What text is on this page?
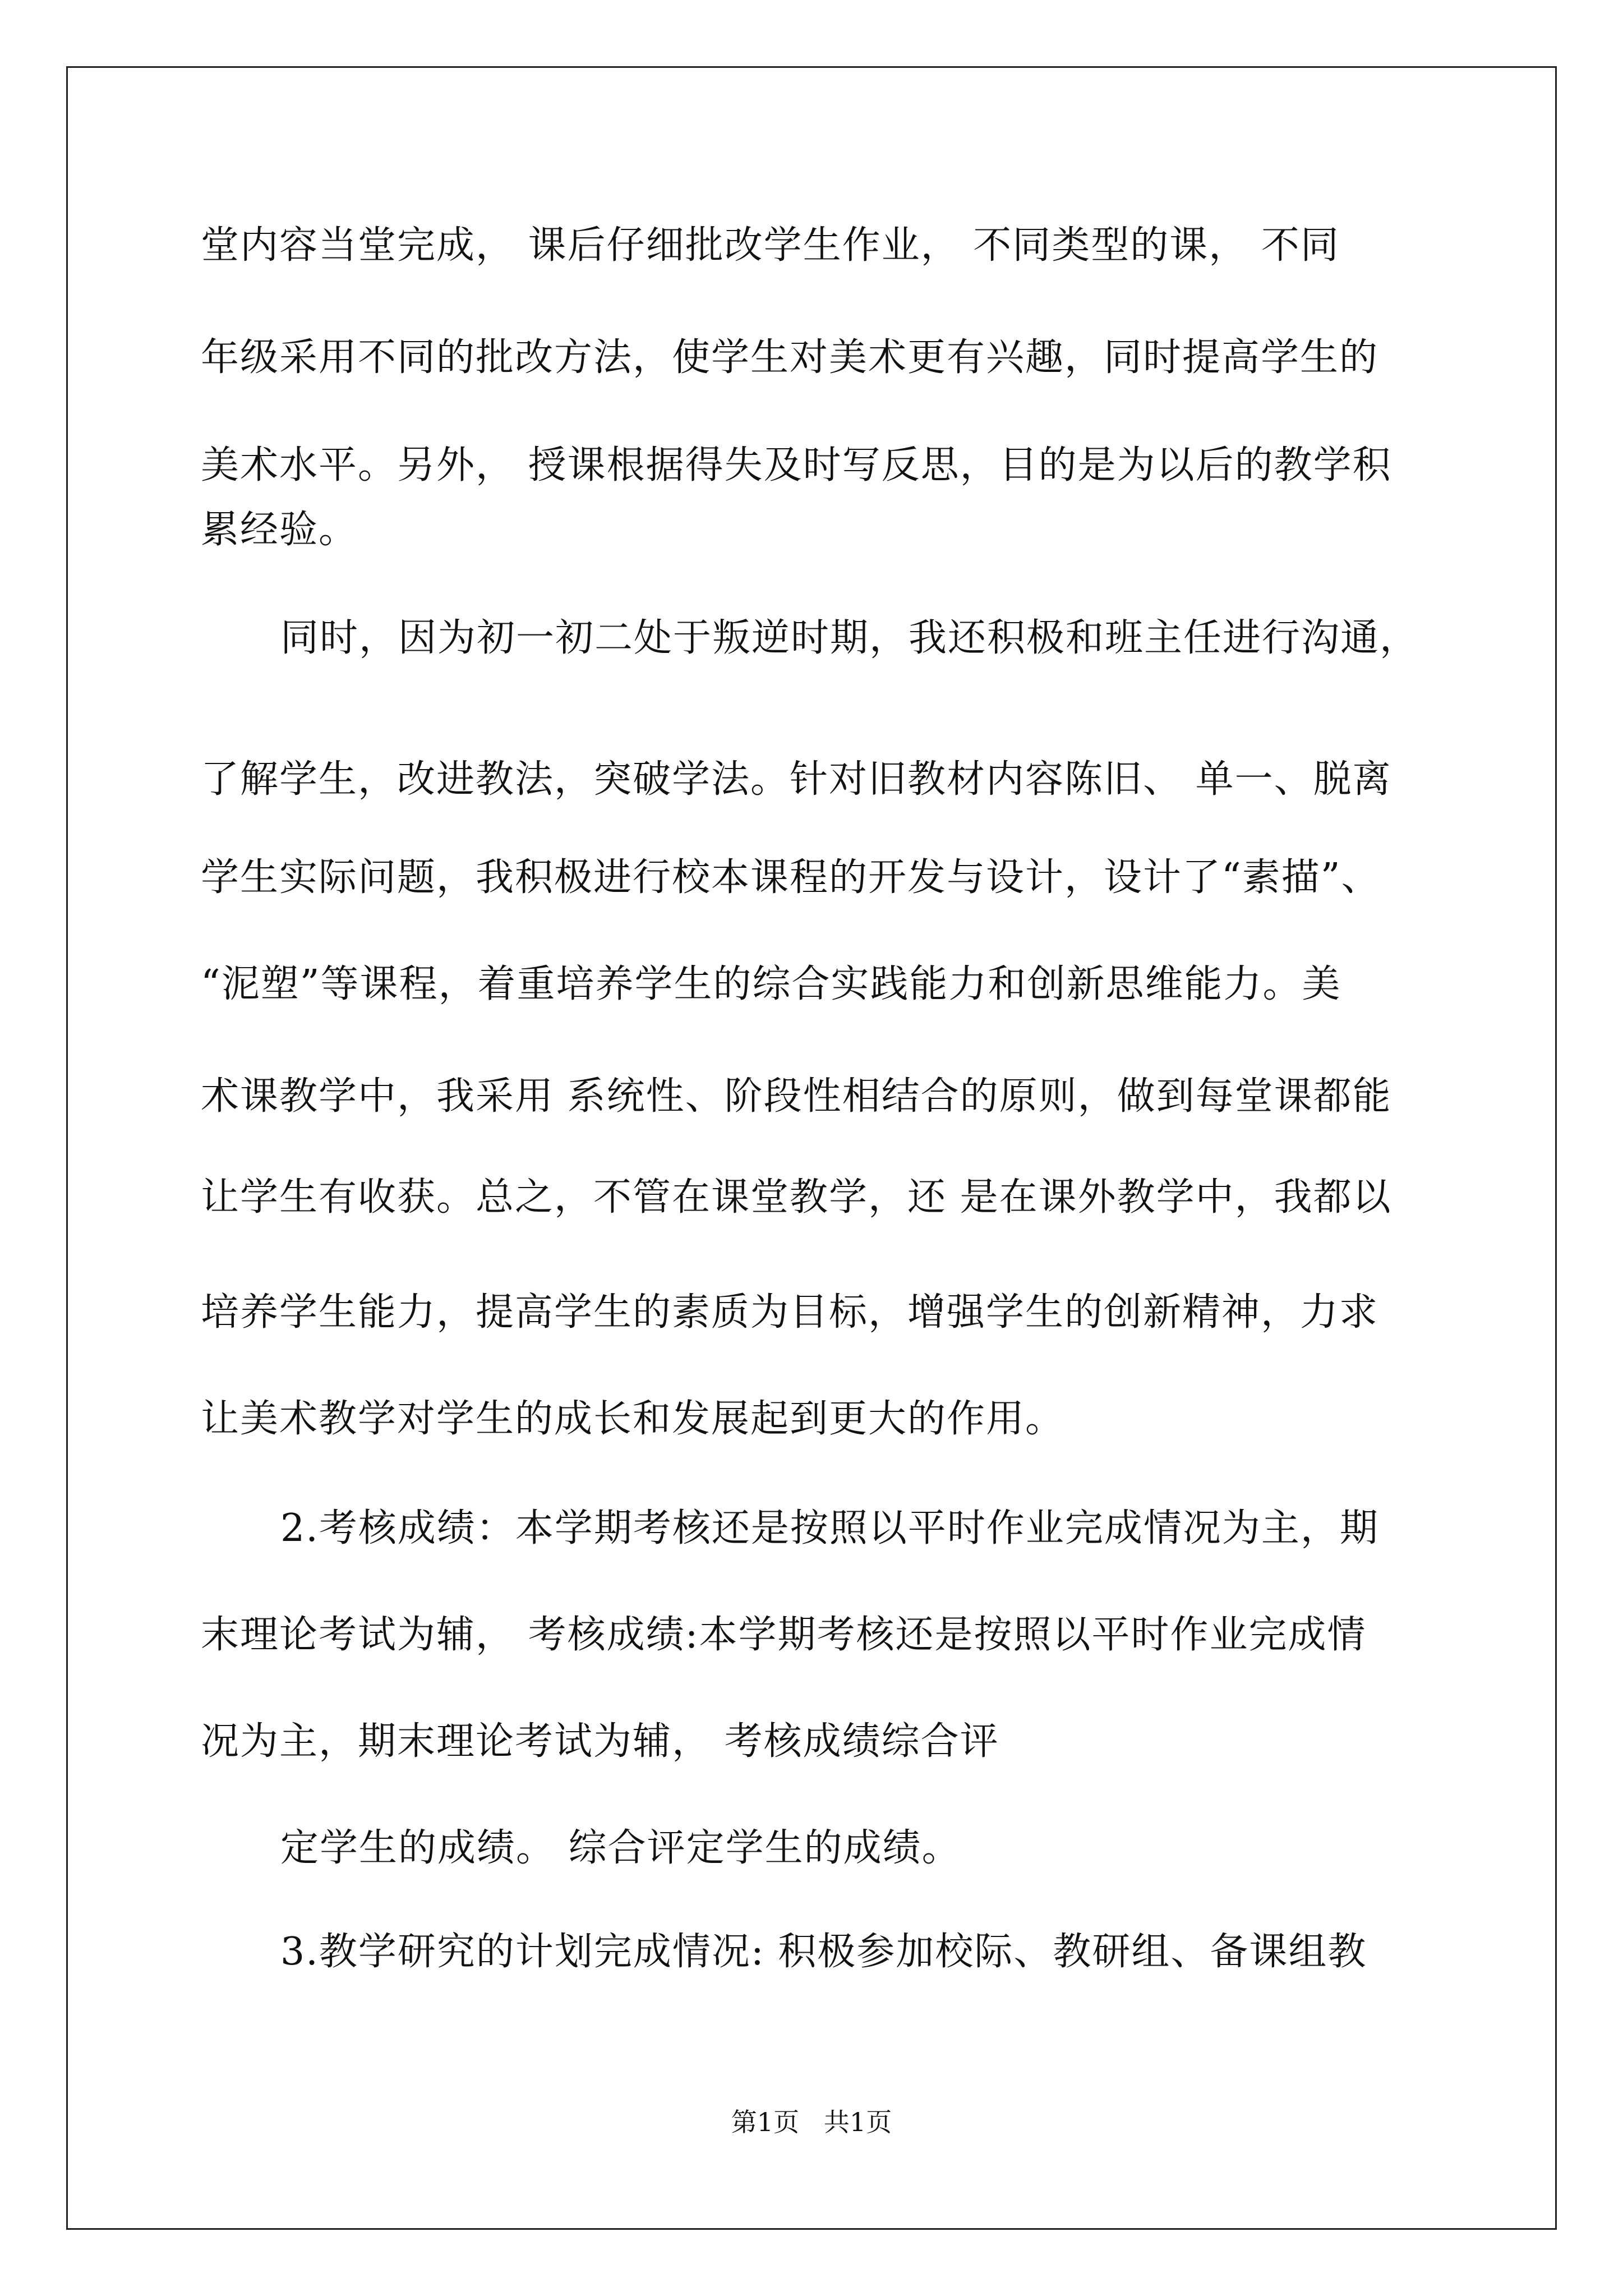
堂内容当堂完成， 课后仔细批改学生作业， 不同类型的课， 不同
年级采用不同的批改方法，使学生对美术更有兴趣，同时提高学生的
美术水平。另外， 授课根据得失及时写反思，目的是为以后的教学积
累经验。
同时，因为初一初二处于叛逆时期，我还积极和班主任进行沟通，
了解学生，改进教法，突破学法。针对旧教材内容陈旧、 单一、脱离
学生实际问题，我积极进行校本课程的开发与设计，设计了“素描”、
“泥塑”等课程，着重培养学生的综合实践能力和创新思维能力。美
术课教学中，我采用 系统性、阶段性相结合的原则，做到每堂课都能
让学生有收获。总之，不管在课堂教学，还 是在课外教学中，我都以
培养学生能力，提高学生的素质为目标，增强学生的创新精神，力求
让美术教学对学生的成长和发展起到更大的作用。
2.考核成绩：本学期考核还是按照以平时作业完成情况为主，期
末理论考试为辅， 考核成绩:本学期考核还是按照以平时作业完成情
况为主，期末理论考试为辅， 考核成绩综合评
定学生的成绩。 综合评定学生的成绩。
3.教学研究的计划完成情况: 积极参加校际、教研组、备课组教
第1页   共1页
